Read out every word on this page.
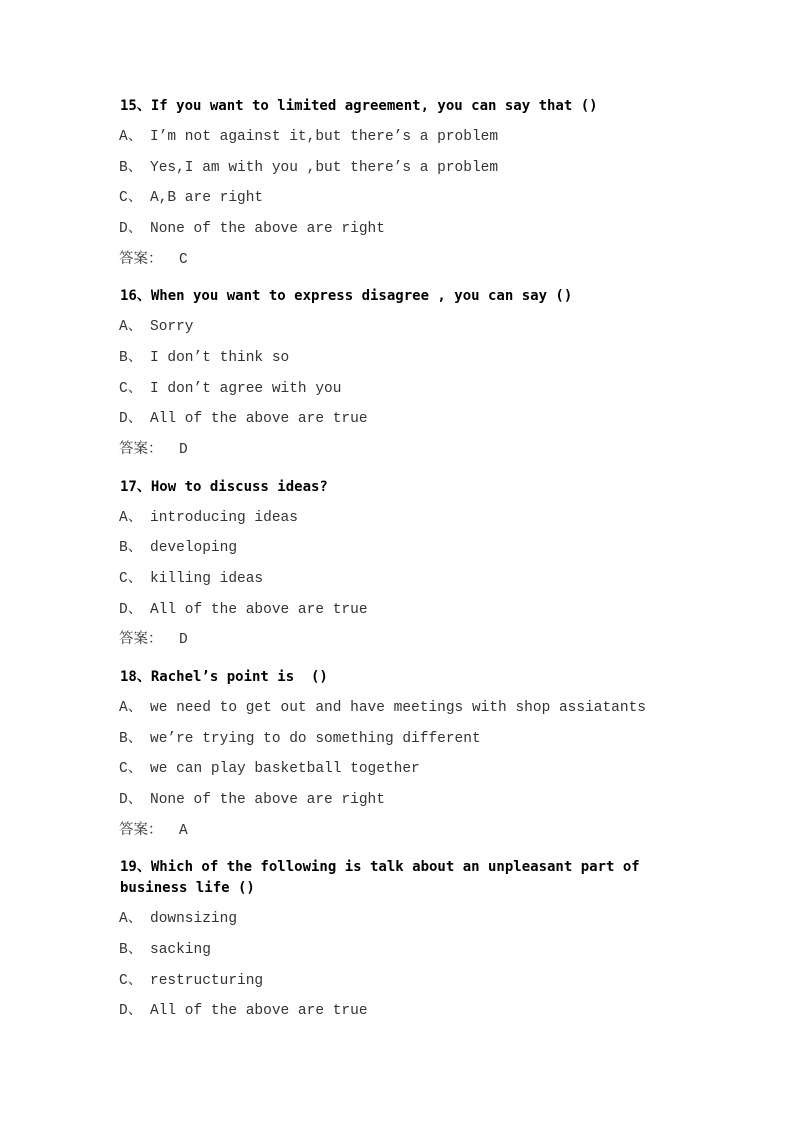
15、If you want to limited agreement, you can say that ()
A、 I’m not against it,but there’s a problem
B、 Yes,I am with you ,but there’s a problem
C、 A,B are right
D、 None of the above are right
答案： C
16、When you want to express disagree , you can say ()
A、 Sorry
B、 I don’t think so
C、 I don’t agree with you
D、 All of the above are true
答案： D
17、How to discuss ideas?
A、 introducing ideas
B、 developing
C、 killing ideas
D、 All of the above are true
答案： D
18、Rachel’s point is  ()
A、 we need to get out and have meetings with shop assiatants
B、 we’re trying to do something different
C、 we can play basketball together
D、 None of the above are right
答案： A
19、Which of the following is talk about an unpleasant part of business life ()
A、 downsizing
B、 sacking
C、 restructuring
D、 All of the above are true
